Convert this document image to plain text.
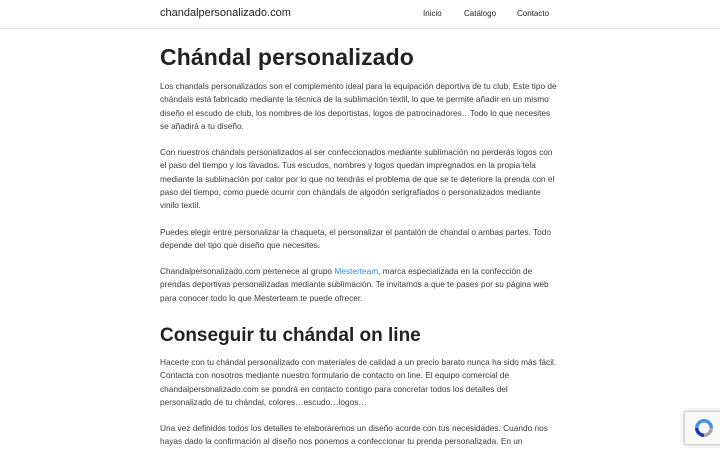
chandalpersonalizado.com	Inicio	Catálogo	Contacto
Chándal personalizado

Los chandals personalizados son el complemento ideal para la equipación deportiva de tu club. Este tipo de chándals está fabricado mediante la técnica de la sublimación textil, lo que te permite añadir en un mismo diseño el escudo de club, los nombres de los deportistas, logos de patrocinadores…Todo lo que necesites se añadirá a tu diseño.

Con nuestros chándals personalizados al ser confeccionados mediante sublimación no perderás logos con el paso del tiempo y los lavados. Tus escudos, nombres y logos quedan impregnados en la propia tela mediante la sublimación por calor por lo que no tendrás el problema de que se te deteriore la prenda con el paso del tiempo, como puede ocurrir con chándals de algodón serigrafiados o personalizados mediante vinilo textil.

Puedes elegir entre personalizar la chaqueta, el personalizar el pantalón de chandal o ambas partes. Todo depende del tipo que diseño que necesites.

Chandalpersonalizado.com pertenece al grupo Mesterteam, marca especializada en la confección de prendas deportivas personalizadas mediante sublimación. Te invitamos a que te pases por su página web para conocer todo lo que Mesterteam te puede ofrecer.

Conseguir tu chándal on line

Hacerte con tu chándal personalizado con materiales de calidad a un precio barato nunca ha sido más fácil. Contacta con nosotros mediante nuestro formulario de contacto on line. El equipo comercial de chandalpersonalizado.com se pondrá en contacto contigo para concretar todos los detalles del personalizado de tu chándal, colores…escudo…logos…

Una vez definidos todos los detalles te elaboraremos un diseño acorde con tus necesidades. Cuando nos hayas dado la confirmación al diseño nos ponemos a confeccionar tu prenda personalizada. En un
